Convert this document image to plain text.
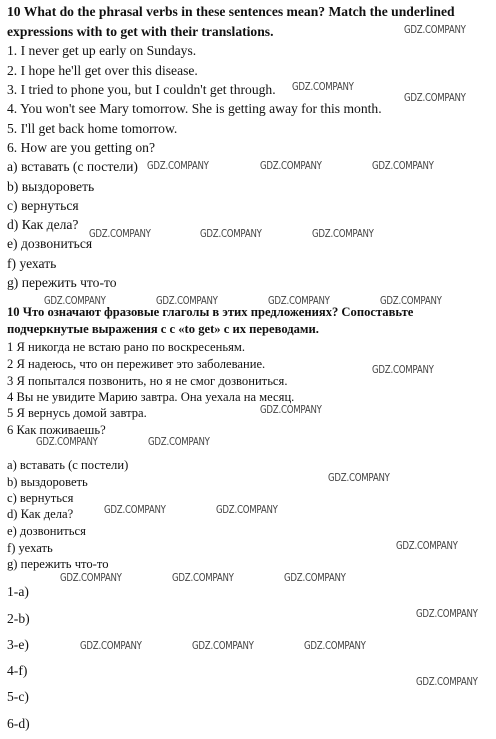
10 What do the phrasal verbs in these sentences mean? Match the underlined
expressions with to get with their translations.
1. I never get up early on Sundays.
2. I hope he'll get over this disease.
3. I tried to phone you, but I couldn't get through.
4. You won't see Mary tomorrow. She is getting away for this month.
5. I'll get back home tomorrow.
6. How are you getting on?
a) вставать (с постели)
b) выздороветь
c) вернуться
d) Как дела?
e) дозвониться
f) уехать
g) пережить что-то
10 Что означают фразовые глаголы в этих предложениях? Сопоставьте
подчеркнутые выражения с с «to get» с их переводами.
1 Я никогда не встаю рано по воскресеньям.
2 Я надеюсь, что он переживет это заболевание.
3 Я попытался позвонить, но я не смог дозвониться.
4 Вы не увидите Марию завтра. Она уехала на месяц.
5 Я вернусь домой завтра.
6 Как поживаешь?
a) вставать (с постели)
b) выздороветь
c) вернуться
d) Как дела?
e) дозвониться
f) уехать
g) пережить что-то
1-a)
2-b)
3-e)
4-f)
5-c)
6-d)
GDZ.COMPANY
GDZ.COMPANY
GDZ.COMPANY
GDZ.COMPANY	GDZ.COMPANY	GDZ.COMPANY
GDZ.COMPANY	GDZ.COMPANY	GDZ.COMPANY
GDZ.COMPANY	GDZ.COMPANY	GDZ.COMPANY	GDZ.COMPANY
GDZ.COMPANY
GDZ.COMPANY
GDZ.COMPANY	GDZ.COMPANY
GDZ.COMPANY
GDZ.COMPANY	GDZ.COMPANY
GDZ.COMPANY
GDZ.COMPANY	GDZ.COMPANY	GDZ.COMPANY
GDZ.COMPANY
GDZ.COMPANY	GDZ.COMPANY	GDZ.COMPANY
GDZ.COMPANY
